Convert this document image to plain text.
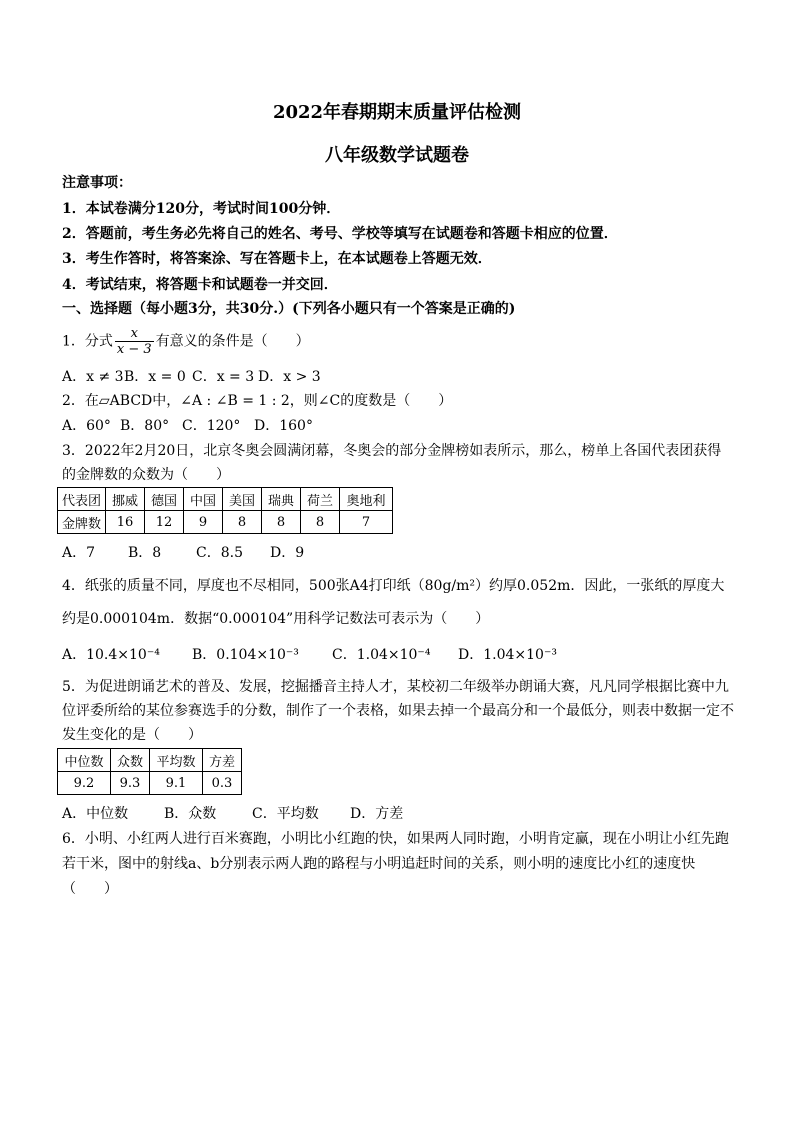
2022年春期期末质量评估检测
八年级数学试题卷
注意事项：
1．本试卷满分120分，考试时间100分钟．
2．答题前，考生务必先将自己的姓名、考号、学校等填写在试题卷和答题卡相应的位置．
3．考生作答时，将答案涂、写在答题卡上，在本试题卷上答题无效．
4．考试结束，将答题卡和试题卷一并交回．
一、选择题（每小题3分，共30分.）(下列各小题只有一个答案是正确的)
1．分式 $\frac{x}{x - 3}$ 有意义的条件是（　　）
A．x ≠ 3B．x = 0 C．x = 3 D．x > 3
2．在▱ABCD中，∠A : ∠B = 1 : 2，则∠C的度数是（　　）
A．60° B．80° C．120° D．160°
3．2022年2月20日，北京冬奥会圆满闭幕，冬奥会的部分金牌榜如表所示，那么，榜单上各国代表团获得
的金牌数的众数为（　　）
代表团	挪威	德国	中国	美国	瑞典	荷兰	奥地利
金牌数	16	12	9	8	8	8	7
A．7 B．8 C．8.5 D．9
4．纸张的质量不同，厚度也不尽相同，500张A4打印纸（80g/m²）约厚0.052m．因此，一张纸的厚度大
约是0.000104m．数据“0.000104”用科学记数法可表示为（　　）
A．10.4×10⁻⁴ B．0.104×10⁻³ C．1.04×10⁻⁴ D．1.04×10⁻³
5．为促进朗诵艺术的普及、发展，挖掘播音主持人才，某校初二年级举办朗诵大赛，凡凡同学根据比赛中九
位评委所给的某位参赛选手的分数，制作了一个表格，如果去掉一个最高分和一个最低分，则表中数据一定不
发生变化的是（　　）
中位数	众数	平均数	方差
9.2	9.3	9.1	0.3
A．中位数	B．众数	C．平均数 D．方差
6．小明、小红两人进行百米赛跑，小明比小红跑的快，如果两人同时跑，小明肯定赢，现在小明让小红先跑
若干米，图中的射线a、b分别表示两人跑的路程与小明追赶时间的关系，则小明的速度比小红的速度快
（　　）
